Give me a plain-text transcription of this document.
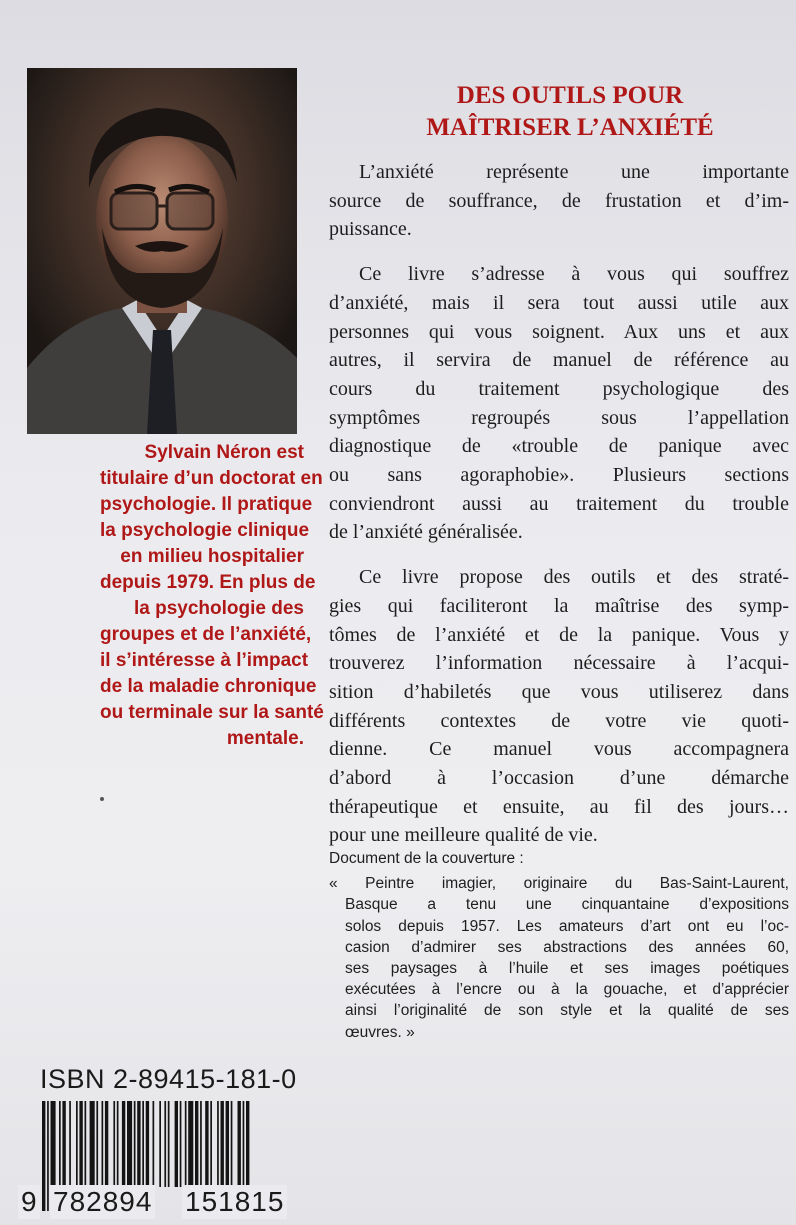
Sylvain Néron est
titulaire d’un doctorat en
psychologie. Il pratique
la psychologie clinique
en milieu hospitalier
depuis 1979. En plus de
la psychologie des
groupes et de l’anxiété,
il s’intéresse à l’impact
de la maladie chronique
ou terminale sur la santé
mentale.
DES OUTILS POUR
MAÎTRISER L’ANXIÉTÉ
L’anxiété représente une importante
source de souffrance, de frustation et d’im-
puissance.
Ce livre s’adresse à vous qui souffrez
d’anxiété, mais il sera tout aussi utile aux
personnes qui vous soignent. Aux uns et aux
autres, il servira de manuel de référence au
cours du traitement psychologique des
symptômes regroupés sous l’appellation
diagnostique de «trouble de panique avec
ou sans agoraphobie». Plusieurs sections
conviendront aussi au traitement du trouble
de l’anxiété généralisée.
Ce livre propose des outils et des straté-
gies qui faciliteront la maîtrise des symp-
tômes de l’anxiété et de la panique. Vous y
trouverez l’information nécessaire à l’acqui-
sition d’habiletés que vous utiliserez dans
différents contextes de votre vie quoti-
dienne. Ce manuel vous accompagnera
d’abord à l’occasion d’une démarche
thérapeutique et ensuite, au fil des jours…
pour une meilleure qualité de vie.
Document de la couverture :
« Peintre imagier, originaire du Bas-Saint-Laurent,
Basque a tenu une cinquantaine d’expositions
solos depuis 1957. Les amateurs d’art ont eu l’oc-
casion d’admirer ses abstractions des années 60,
ses paysages à l’huile et ses images poétiques
exécutées à l’encre ou à la gouache, et d’apprécier
ainsi l’originalité de son style et la qualité de ses
œuvres. »
ISBN 2-89415-181-0
9 782894 151815
